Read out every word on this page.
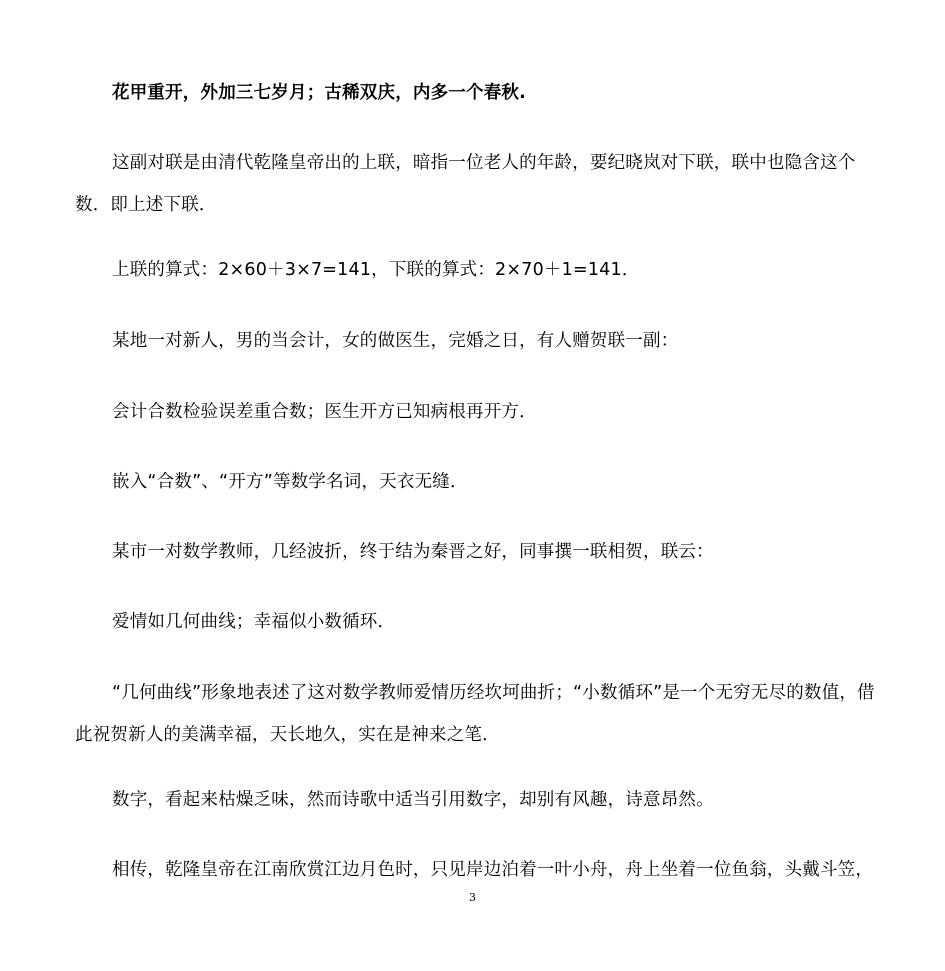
花甲重开，外加三七岁月；古稀双庆，内多一个春秋.

这副对联是由清代乾隆皇帝出的上联，暗指一位老人的年龄，要纪晓岚对下联，联中也隐含这个数．即上述下联．

上联的算式：2×60＋3×7=141，下联的算式：2×70＋1=141．

某地一对新人，男的当会计，女的做医生，完婚之日，有人赠贺联一副：

会计合数检验误差重合数；医生开方已知病根再开方．

嵌入“合数”、“开方”等数学名词，天衣无缝．

某市一对数学教师，几经波折，终于结为秦晋之好，同事撰一联相贺，联云：

爱情如几何曲线；幸福似小数循环．

“几何曲线”形象地表述了这对数学教师爱情历经坎坷曲折；“小数循环”是一个无穷无尽的数值，借此祝贺新人的美满幸福，天长地久，实在是神来之笔．

数字，看起来枯燥乏味，然而诗歌中适当引用数字，却别有风趣，诗意昂然。

相传，乾隆皇帝在江南欣赏江边月色时，只见岸边泊着一叶小舟，舟上坐着一位鱼翁，头戴斗笠，

3
